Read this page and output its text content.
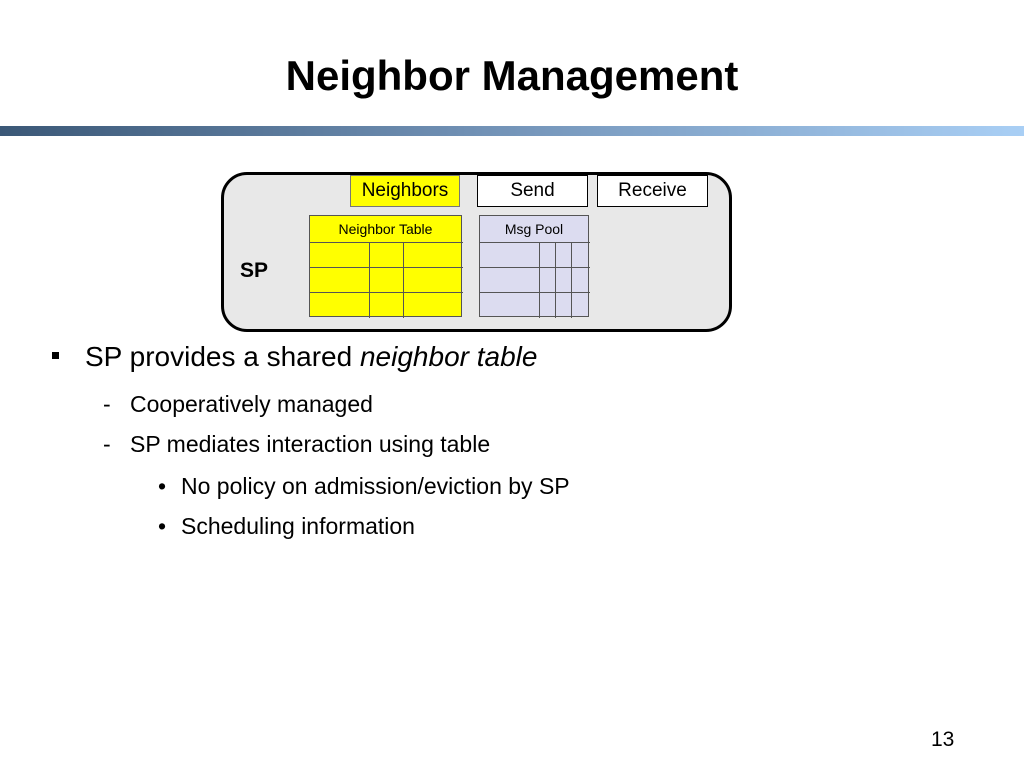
Neighbor Management
SP
Neighbors	Send	Receive
Neighbor Table	Msg Pool
SP provides a shared neighbor table
- Cooperatively managed
- SP mediates interaction using table
• No policy on admission/eviction by SP
• Scheduling information
13
